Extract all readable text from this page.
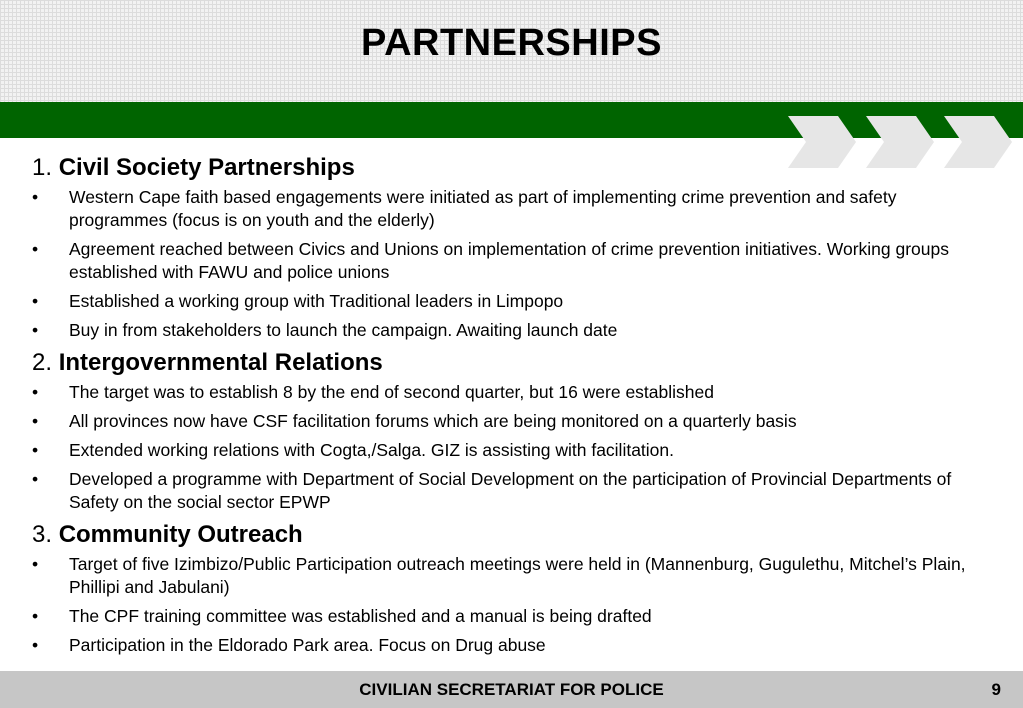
PARTNERSHIPS
1. Civil Society Partnerships
•	Western Cape faith based engagements were initiated as part of implementing crime prevention and safety programmes (focus is on youth and the elderly)
•	Agreement reached between Civics and Unions on implementation of crime prevention initiatives. Working groups established with FAWU and police unions
•	Established a working group with Traditional leaders in Limpopo
•	Buy in from stakeholders to launch the campaign. Awaiting launch date
2. Intergovernmental Relations
•	The target was to establish 8 by the end of second quarter, but 16 were established
•	All provinces now have CSF facilitation forums which are being monitored on a quarterly basis
•	Extended working relations with Cogta,/Salga. GIZ is assisting with facilitation.
•	Developed a programme with Department of Social Development on the participation of Provincial Departments of Safety on the social sector EPWP
3. Community Outreach
•	Target of five Izimbizo/Public Participation outreach meetings were held in (Mannenburg, Gugulethu, Mitchel’s Plain, Phillipi and Jabulani)
•	The CPF training committee was established and a manual is being drafted
•	Participation in the Eldorado Park area. Focus on Drug abuse
CIVILIAN SECRETARIAT FOR POLICE	9
